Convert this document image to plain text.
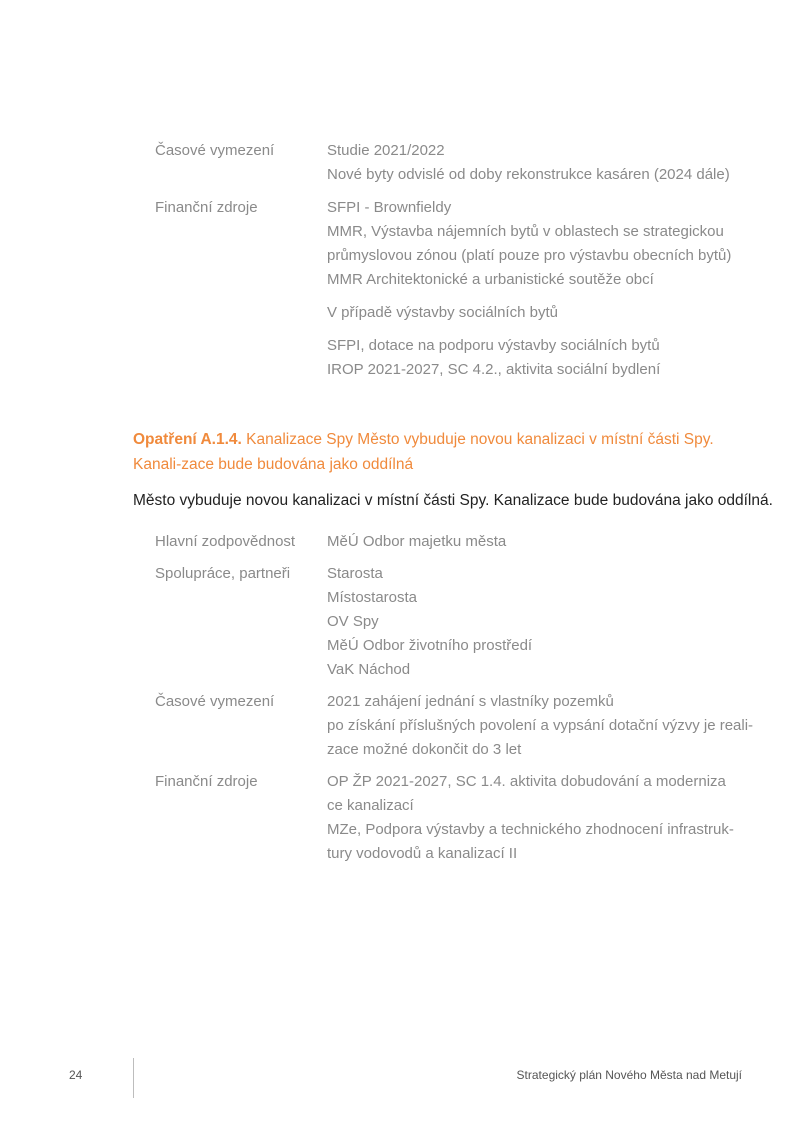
Časové vymezení	Studie 2021/2022
Nové byty odvislé od doby rekonstrukce kasáren (2024 dále)
Finanční zdroje	SFPI - Brownfieldy
MMR, Výstavba nájemních bytů v oblastech se strategickou
průmyslovou zónou (platí pouze pro výstavbu obecních bytů)
MMR Architektonické a urbanistické soutěže obcí
V případě výstavby sociálních bytů
SFPI, dotace na podporu výstavby sociálních bytů
IROP 2021-2027, SC 4.2., aktivita sociální bydlení
Opatření A.1.4. Kanalizace Spy Město vybuduje novou kanalizaci v místní části Spy. Kanali-zace bude budována jako oddílná
Město vybuduje novou kanalizaci v místní části Spy. Kanalizace bude budována jako oddílná.
Hlavní zodpovědnost	MěÚ Odbor majetku města
Spolupráce, partneři	Starosta
Místostarosta
OV Spy
MěÚ Odbor životního prostředí
VaK Náchod
Časové vymezení	2021 zahájení jednání s vlastníky pozemků
po získání příslušných povolení a vypsání dotační výzvy je reali-
zace možné dokončit do 3 let
Finanční zdroje	OP ŽP 2021-2027, SC 1.4. aktivita dobudování a moderniza
ce kanalizací
MZe, Podpora výstavby a technického zhodnocení infrastruk-
tury vodovodů a kanalizací II
24	Strategický plán Nového Města nad Metují
